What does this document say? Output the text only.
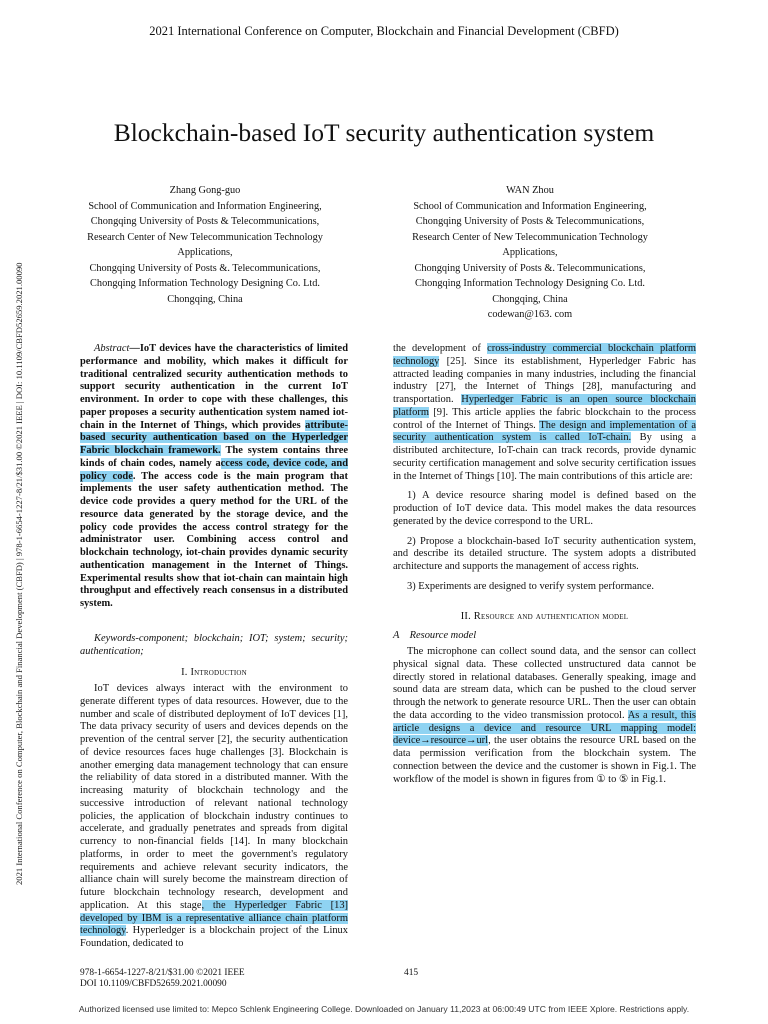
2021 International Conference on Computer, Blockchain and Financial Development (CBFD)
2021 International Conference on Computer, Blockchain and Financial Development (CBFD) | 978-1-6654-1227-8/21/$31.00 ©2021 IEEE | DOI: 10.1109/CBFD52659.2021.00090
Blockchain-based IoT security authentication system
Zhang Gong-guo
School of Communication and Information Engineering,
Chongqing University of Posts & Telecommunications,
Research Center of New Telecommunication Technology
Applications,
Chongqing University of Posts &. Telecommunications,
Chongqing Information Technology Designing Co. Ltd.
Chongqing, China
WAN Zhou
School of Communication and Information Engineering,
Chongqing University of Posts & Telecommunications,
Research Center of New Telecommunication Technology
Applications,
Chongqing University of Posts &. Telecommunications,
Chongqing Information Technology Designing Co. Ltd.
Chongqing, China
codewan@163. com

Abstract—IoT devices have the characteristics of limited performance and mobility, which makes it difficult for traditional centralized security authentication methods to support security authentication in the current IoT environment. In order to cope with these challenges, this paper proposes a security authentication system named iot-chain in the Internet of Things, which provides attribute-based security authentication based on the Hyperledger Fabric blockchain framework. The system contains three kinds of chain codes, namely access code, device code, and policy code. The access code is the main program that implements the user safety authentication method. The device code provides a query method for the URL of the resource data generated by the storage device, and the policy code provides the access control strategy for the administrator user. Combining access control and blockchain technology, iot-chain provides dynamic security authentication management in the Internet of Things. Experimental results show that iot-chain can maintain high throughput and effectively reach consensus in a distributed system.

Keywords-component; blockchain; IOT; system; security; authentication;

I. Introduction

IoT devices always interact with the environment to generate different types of data resources. However, due to the number and scale of distributed deployment of IoT devices [1], The data privacy security of users and devices depends on the prevention of the central server [2], the security authentication of device resources faces huge challenges [3]. Blockchain is another emerging data management technology that can ensure the reliability of data stored in a distributed manner. With the increasing maturity of blockchain technology and the successive introduction of relevant national technology policies, the application of blockchain industry continues to accelerate, and gradually penetrates and spreads from digital currency to non-financial fields [14]. In many blockchain platforms, in order to meet the government's regulatory requirements and achieve relevant security indicators, the alliance chain will surely become the mainstream direction of future blockchain technology research, development and application. At this stage, the Hyperledger Fabric [13] developed by IBM is a representative alliance chain platform technology. Hyperledger is a blockchain project of the Linux Foundation, dedicated to

the development of cross-industry commercial blockchain platform technology [25]. Since its establishment, Hyperledger Fabric has attracted leading companies in many industries, including the financial industry [27], the Internet of Things [28], manufacturing and transportation. Hyperledger Fabric is an open source blockchain platform [9]. This article applies the fabric blockchain to the process control of the Internet of Things. The design and implementation of a security authentication system is called IoT-chain. By using a distributed architecture, IoT-chain can track records, provide dynamic security certification management and solve security certification issues in the Internet of Things [10]. The main contributions of this article are:

1) A device resource sharing model is defined based on the production of IoT device data. This model makes the data resources generated by the device correspond to the URL.

2) Propose a blockchain-based IoT security authentication system, and describe its detailed structure. The system adopts a distributed architecture and supports the management of access rights.

3) Experiments are designed to verify system performance.

II. Resource and authentication model

A    Resource model

The microphone can collect sound data, and the sensor can collect physical signal data. These collected unstructured data cannot be directly stored in relational databases. Generally speaking, image and sound data are stream data, which can be pushed to the cloud server through the network to generate resource URL. Then the user can obtain the data according to the video transmission protocol. As a result, this article designs a device and resource URL mapping model: device→resource→url, the user obtains the resource URL based on the data permission verification from the blockchain system. The connection between the device and the customer is shown in Fig.1. The workflow of the model is shown in figures from ① to ⑤ in Fig.1.

978-1-6654-1227-8/21/$31.00 ©2021 IEEE
DOI 10.1109/CBFD52659.2021.00090
415
Authorized licensed use limited to: Mepco Schlenk Engineering College. Downloaded on January 11,2023 at 06:00:49 UTC from IEEE Xplore. Restrictions apply.
